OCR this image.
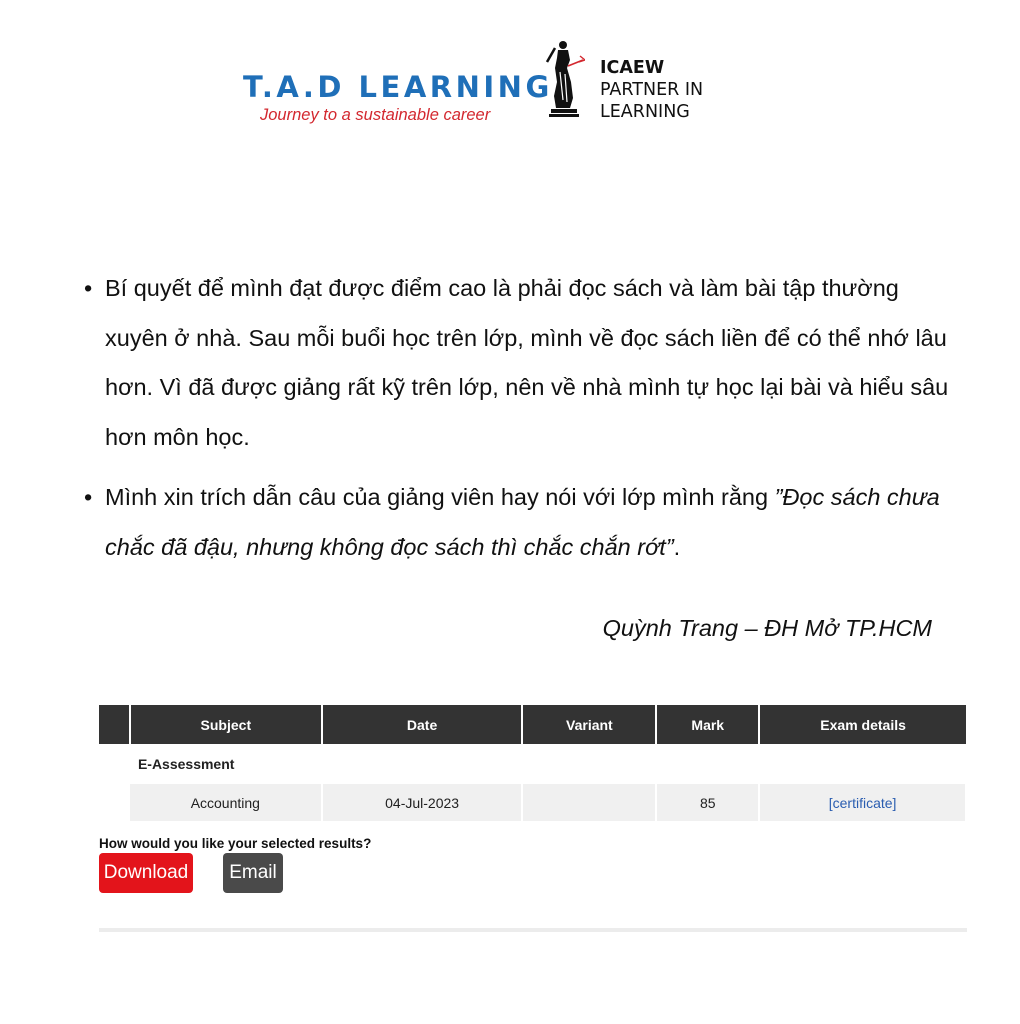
T.A.D LEARNING
Journey to a sustainable career
ICAEW
PARTNER IN
LEARNING
• Bí quyết để mình đạt được điểm cao là phải đọc sách và làm bài tập thường xuyên ở nhà. Sau mỗi buổi học trên lớp, mình về đọc sách liền để có thể nhớ lâu hơn. Vì đã được giảng rất kỹ trên lớp, nên về nhà mình tự học lại bài và hiểu sâu hơn môn học.
• Mình xin trích dẫn câu của giảng viên hay nói với lớp mình rằng ”Đọc sách chưa chắc đã đậu, nhưng không đọc sách thì chắc chắn rớt”.
Quỳnh Trang – ĐH Mở TP.HCM
	Subject	Date	Variant	Mark	Exam details
	E-Assessment				
	Accounting	04-Jul-2023		85	[certificate]
How would you like your selected results?
Download	Email
